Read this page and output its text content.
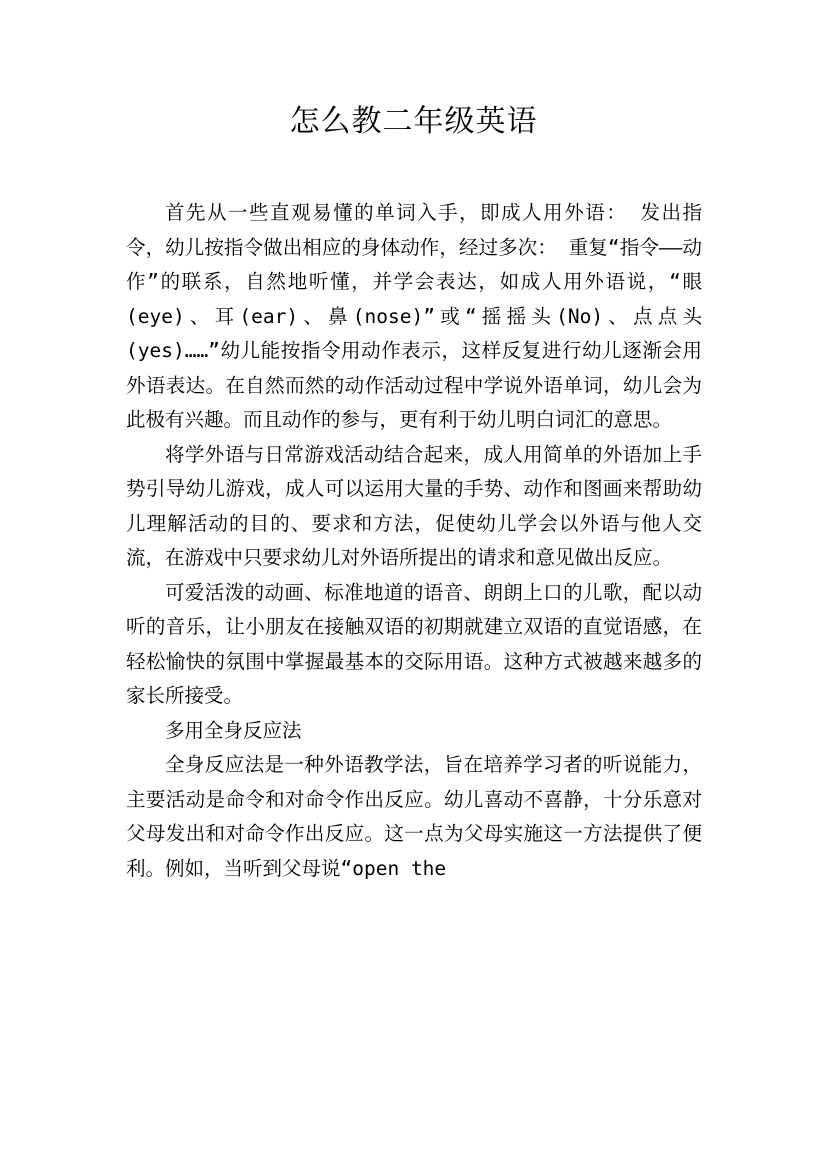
怎么教二年级英语

首先从一些直观易懂的单词入手，即成人用外语： 发出指令，幼儿按指令做出相应的身体动作，经过多次： 重复“指令——动作”的联系，自然地听懂，并学会表达，如成人用外语说，“眼(eye)、耳(ear)、鼻(nose)”或“摇摇头(No)、点点头(yes)……”幼儿能按指令用动作表示，这样反复进行幼儿逐渐会用外语表达。在自然而然的动作活动过程中学说外语单词，幼儿会为此极有兴趣。而且动作的参与，更有利于幼儿明白词汇的意思。

将学外语与日常游戏活动结合起来，成人用简单的外语加上手势引导幼儿游戏，成人可以运用大量的手势、动作和图画来帮助幼儿理解活动的目的、要求和方法，促使幼儿学会以外语与他人交流，在游戏中只要求幼儿对外语所提出的请求和意见做出反应。

可爱活泼的动画、标准地道的语音、朗朗上口的儿歌，配以动听的音乐，让小朋友在接触双语的初期就建立双语的直觉语感，在轻松愉快的氛围中掌握最基本的交际用语。这种方式被越来越多的家长所接受。

多用全身反应法

全身反应法是一种外语教学法，旨在培养学习者的听说能力，主要活动是命令和对命令作出反应。幼儿喜动不喜静，十分乐意对父母发出和对命令作出反应。这一点为父母实施这一方法提供了便利。例如，当听到父母说“open the
